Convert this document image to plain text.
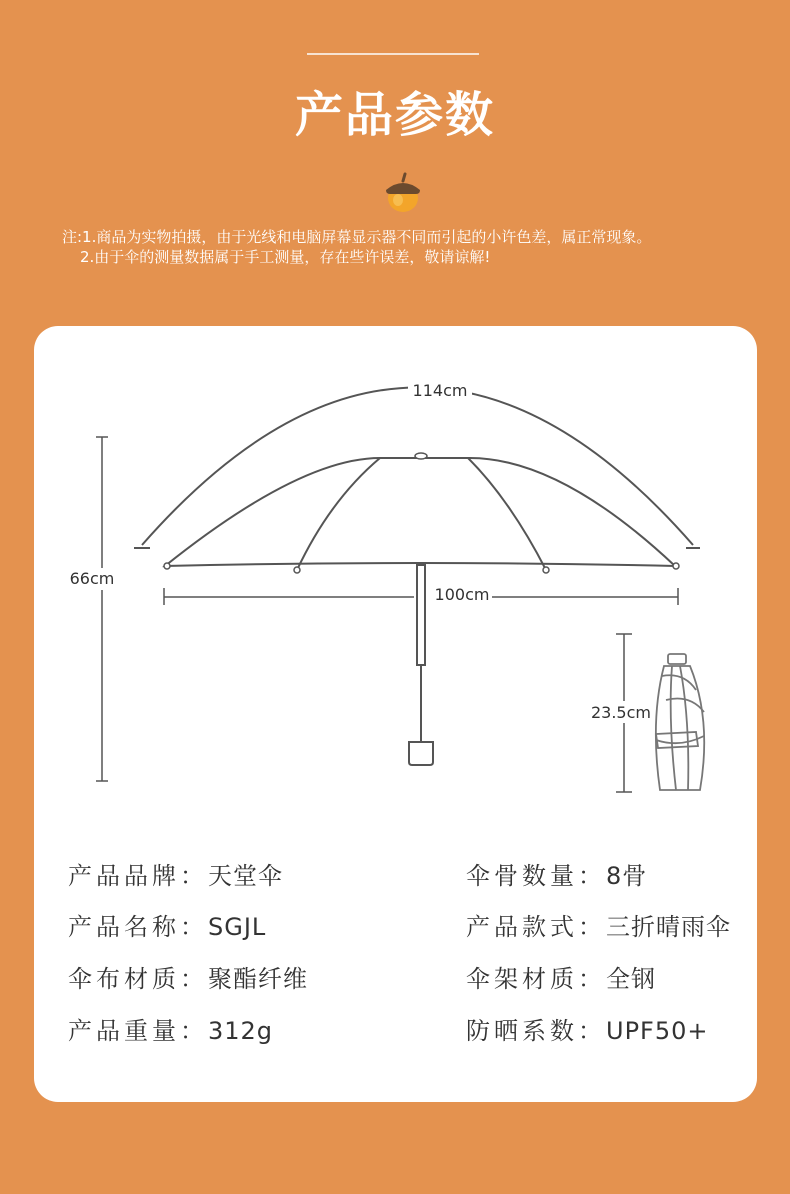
产品参数
注:1.商品为实物拍摄，由于光线和电脑屏幕显示器不同而引起的小许色差，属正常现象。
2.由于伞的测量数据属于手工测量，存在些许误差，敬请谅解!
114cm
100cm
66cm
23.5cm
产品品牌：天堂伞
产品名称：SGJL
伞布材质：聚酯纤维
产品重量：312g
伞骨数量：8骨
产品款式：三折晴雨伞
伞架材质：全钢
防晒系数：UPF50+
